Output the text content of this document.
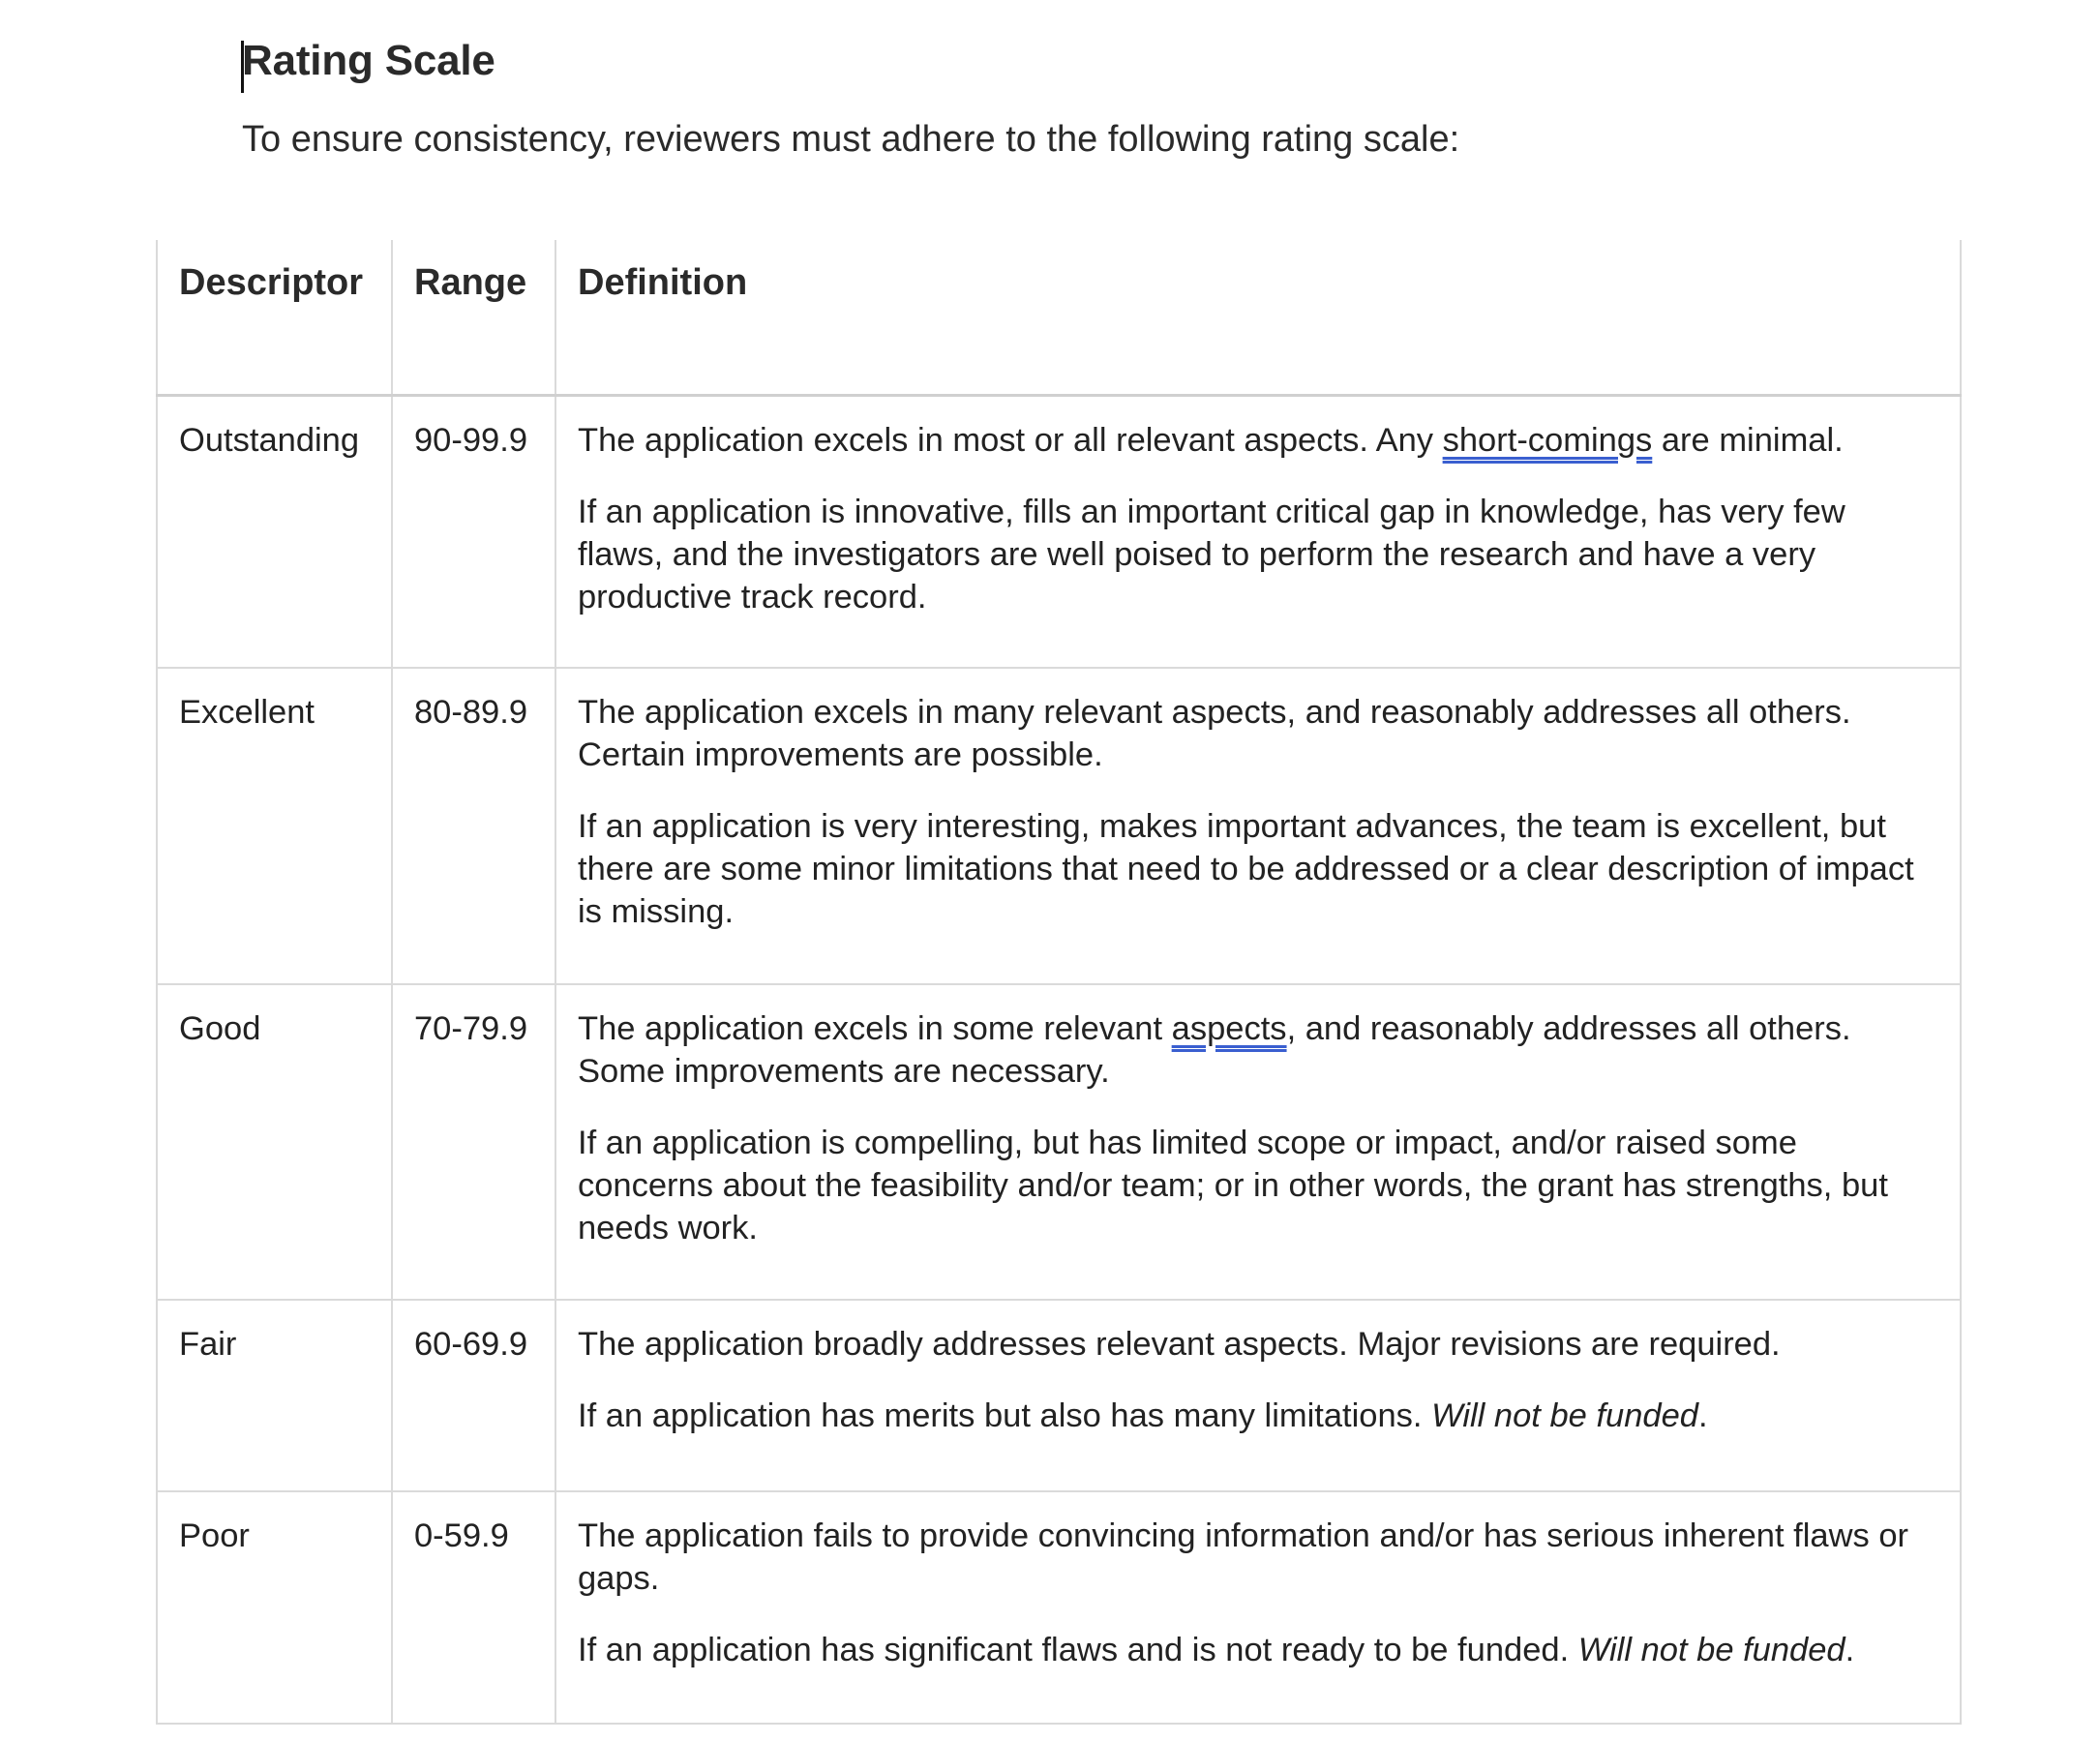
Rating Scale
To ensure consistency, reviewers must adhere to the following rating scale:
Descriptor	Range	Definition
Outstanding	90-99.9	The application excels in most or all relevant aspects. Any short-comings are minimal.

If an application is innovative, fills an important critical gap in knowledge, has very few flaws, and the investigators are well poised to perform the research and have a very productive track record.

Excellent	80-89.9	The application excels in many relevant aspects, and reasonably addresses all others. Certain improvements are possible.

If an application is very interesting, makes important advances, the team is excellent, but there are some minor limitations that need to be addressed or a clear description of impact is missing.

Good	70-79.9	The application excels in some relevant aspects, and reasonably addresses all others. Some improvements are necessary.

If an application is compelling, but has limited scope or impact, and/or raised some concerns about the feasibility and/or team; or in other words, the grant has strengths, but needs work.

Fair	60-69.9	The application broadly addresses relevant aspects. Major revisions are required.

If an application has merits but also has many limitations. Will not be funded.

Poor	0-59.9	The application fails to provide convincing information and/or has serious inherent flaws or gaps.

If an application has significant flaws and is not ready to be funded. Will not be funded.
